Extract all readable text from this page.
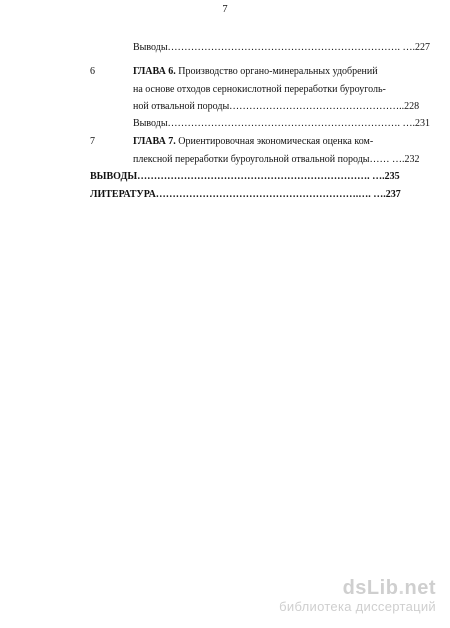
7
Выводы……………………………………………………………. ….227
6	ГЛАВА 6. Производство органо-минеральных удобрений
на основе отходов сернокислотной переработки буроуголь-
ной отвальной породы……………………………………………..228
Выводы……………………………………………………………. ….231
7	ГЛАВА 7. Ориентировочная экономическая оценка ком-
плексной переработки буроугольной отвальной породы…… ….232
ВЫВОДЫ……………………………………………………………. ….235
ЛИТЕРАТУРА…………………………………………………….…. ….237
dsLib.net
библиотека диссертаций
